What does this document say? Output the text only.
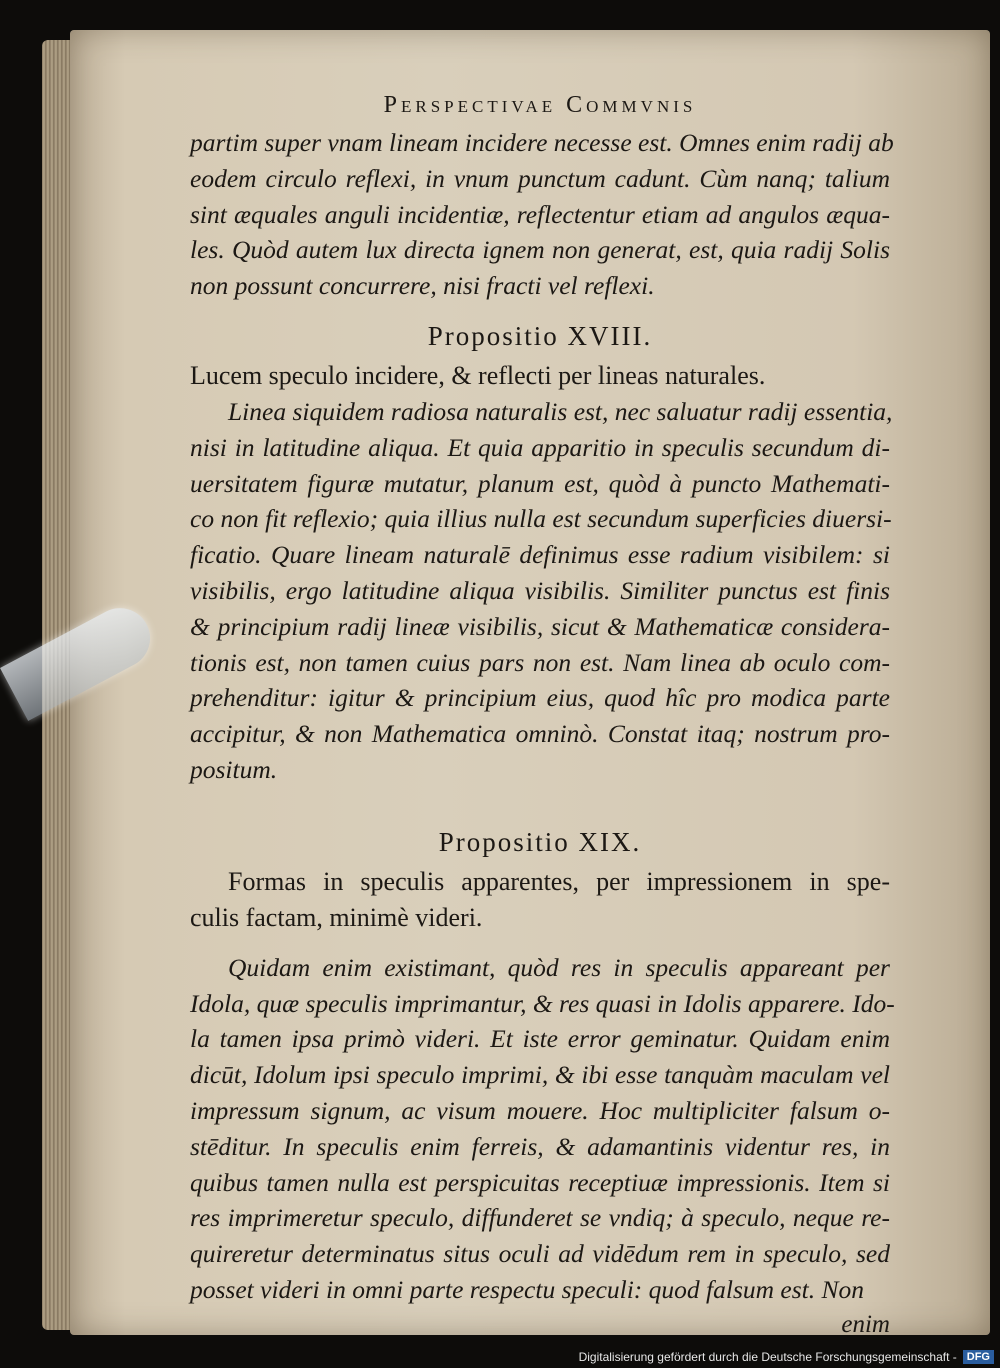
Perspectivae Commvnis
partim super vnam lineam incidere necesse est. Omnes enim radij ab
eodem circulo reflexi, in vnum punctum cadunt. Cùm nanq; talium
sint æquales anguli incidentiæ, reflectentur etiam ad angulos æqua-
les. Quòd autem lux directa ignem non generat, est, quia radij Solis
non possunt concurrere, nisi fracti vel reflexi.
Propositio XVIII.
Lucem speculo incidere, & reflecti per lineas naturales.
Linea siquidem radiosa naturalis est, nec saluatur radij essentia,
nisi in latitudine aliqua. Et quia apparitio in speculis secundum di-
uersitatem figuræ mutatur, planum est, quòd à puncto Mathemati-
co non fit reflexio; quia illius nulla est secundum superficies diuersi-
ficatio. Quare lineam naturalē definimus esse radium visibilem: si
visibilis, ergo latitudine aliqua visibilis. Similiter punctus est finis
& principium radij lineæ visibilis, sicut & Mathematicæ considera-
tionis est, non tamen cuius pars non est. Nam linea ab oculo com-
prehenditur: igitur & principium eius, quod hîc pro modica parte
accipitur, & non Mathematica omninò. Constat itaq; nostrum pro-
positum.
Propositio XIX.
Formas in speculis apparentes, per impressionem in spe-
culis factam, minimè videri.
Quidam enim existimant, quòd res in speculis appareant per
Idola, quæ speculis imprimantur, & res quasi in Idolis apparere. Ido-
la tamen ipsa primò videri. Et iste error geminatur. Quidam enim
dicūt, Idolum ipsi speculo imprimi, & ibi esse tanquàm maculam vel
impressum signum, ac visum mouere. Hoc multipliciter falsum o-
stēditur. In speculis enim ferreis, & adamantinis videntur res, in
quibus tamen nulla est perspicuitas receptiuæ impressionis. Item si
res imprimeretur speculo, diffunderet se vndiq; à speculo, neque re-
quireretur determinatus situs oculi ad vidēdum rem in speculo, sed
posset videri in omni parte respectu speculi: quod falsum est. Non
enim
Digitalisierung gefördert durch die Deutsche Forschungsgemeinschaft - DFG
